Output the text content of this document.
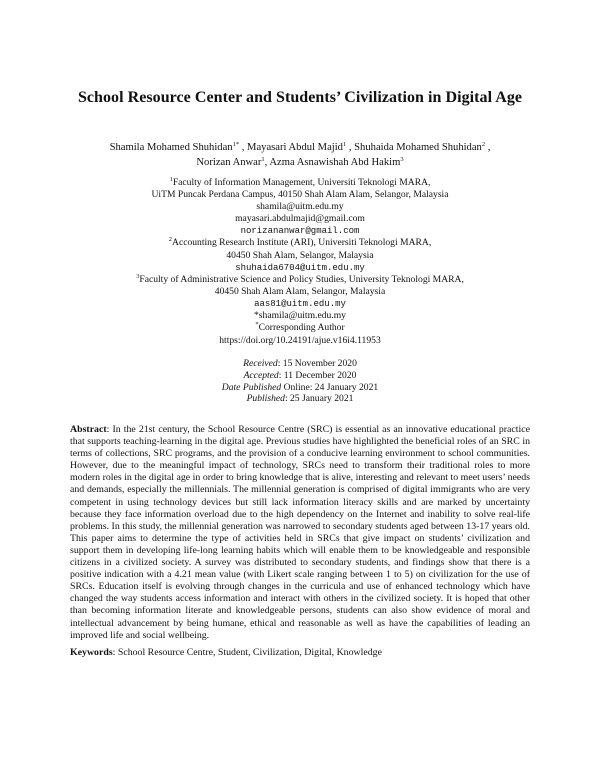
School Resource Center and Students’ Civilization in Digital Age
Shamila Mohamed Shuhidan$^{1*}$ , Mayasari Abdul Majid$^1$ , Shuhaida Mohamed Shuhidan$^2$ ,
Norizan Anwar$^1$, Azma Asnawishah Abd Hakim$^3$
$^1$Faculty of Information Management, Universiti Teknologi MARA,
UiTM Puncak Perdana Campus, 40150 Shah Alam Alam, Selangor, Malaysia
shamila@uitm.edu.my
mayasari.abdulmajid@gmail.com
norizananwar@gmail.com
$^2$Accounting Research Institute (ARI), Universiti Teknologi MARA,
40450 Shah Alam, Selangor, Malaysia
shuhaida6704@uitm.edu.my
$^3$Faculty of Administrative Science and Policy Studies, University Teknologi MARA,
40450 Shah Alam Alam, Selangor, Malaysia
aas81@uitm.edu.my
*shamila@uitm.edu.my
*Corresponding Author
https://doi.org/10.24191/ajue.v16i4.11953
Received: 15 November 2020
Accepted: 11 December 2020
Date Published Online: 24 January 2021
Published: 25 January 2021
Abstract: In the 21st century, the School Resource Centre (SRC) is essential as an innovative educational practice that supports teaching-learning in the digital age. Previous studies have highlighted the beneficial roles of an SRC in terms of collections, SRC programs, and the provision of a conducive learning environment to school communities. However, due to the meaningful impact of technology, SRCs need to transform their traditional roles to more modern roles in the digital age in order to bring knowledge that is alive, interesting and relevant to meet users’ needs and demands, especially the millennials. The millennial generation is comprised of digital immigrants who are very competent in using technology devices but still lack information literacy skills and are marked by uncertainty because they face information overload due to the high dependency on the Internet and inability to solve real-life problems. In this study, the millennial generation was narrowed to secondary students aged between 13-17 years old. This paper aims to determine the type of activities held in SRCs that give impact on students’ civilization and support them in developing life-long learning habits which will enable them to be knowledgeable and responsible citizens in a civilized society. A survey was distributed to secondary students, and findings show that there is a positive indication with a 4.21 mean value (with Likert scale ranging between 1 to 5) on civilization for the use of SRCs. Education itself is evolving through changes in the curricula and use of enhanced technology which have changed the way students access information and interact with others in the civilized society. It is hoped that other than becoming information literate and knowledgeable persons, students can also show evidence of moral and intellectual advancement by being humane, ethical and reasonable as well as have the capabilities of leading an improved life and social wellbeing.
Keywords: School Resource Centre, Student, Civilization, Digital, Knowledge
